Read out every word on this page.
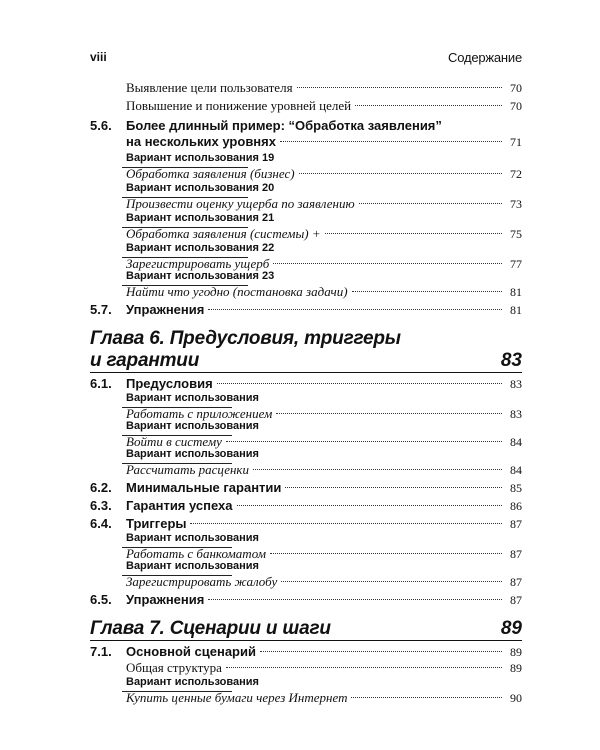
viii	Содержание
Выявление цели пользователя	70
Повышение и понижение уровней целей	70
5.6.	Более длинный пример: “Обработка заявления”
на нескольких уровнях	71
Вариант использования 19
Обработка заявления (бизнес)	72
Вариант использования 20
Произвести оценку ущерба по заявлению	73
Вариант использования 21
Обработка заявления (системы) +	75
Вариант использования 22
Зарегистрировать ущерб	77
Вариант использования 23
Найти что угодно (постановка задачи)	81
5.7.	Упражнения	81
Глава 6. Предусловия, триггеры
и гарантии	83
6.1.	Предусловия	83
Вариант использования
Работать с приложением	83
Вариант использования
Войти в систему	84
Вариант использования
Рассчитать расценки	84
6.2.	Минимальные гарантии	85
6.3.	Гарантия успеха	86
6.4.	Триггеры	87
Вариант использования
Работать с банкоматом	87
Вариант использования
Зарегистрировать жалобу	87
6.5.	Упражнения	87
Глава 7. Сценарии и шаги	89
7.1.	Основной сценарий	89
Общая структура	89
Вариант использования
Купить ценные бумаги через Интернет	90
